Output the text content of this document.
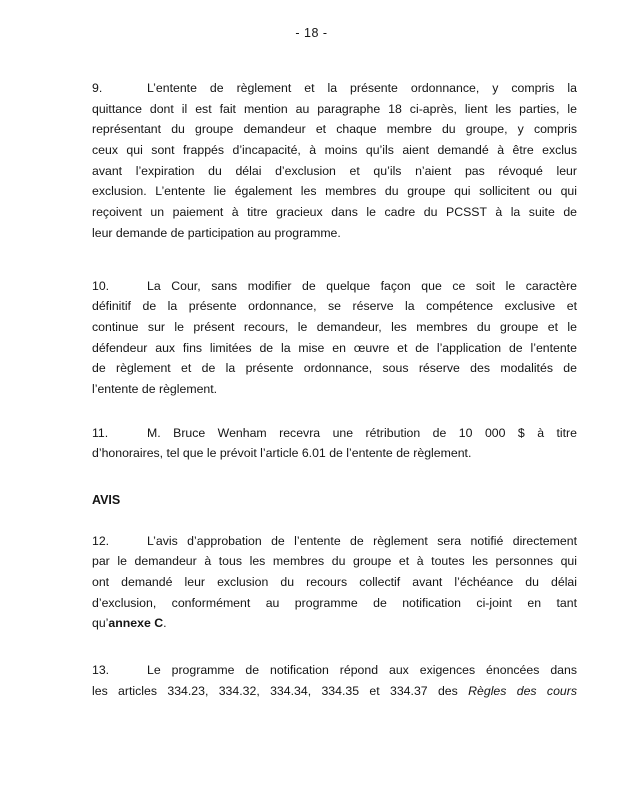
- 18 -
9.	L’entente de règlement et la présente ordonnance, y compris la
quittance dont il est fait mention au paragraphe 18 ci-après, lient les parties, le
représentant du groupe demandeur et chaque membre du groupe, y compris
ceux qui sont frappés d’incapacité, à moins qu’ils aient demandé à être exclus
avant l’expiration du délai d’exclusion et qu’ils n’aient pas révoqué leur
exclusion. L’entente lie également les membres du groupe qui sollicitent ou qui
reçoivent un paiement à titre gracieux dans le cadre du PCSST à la suite de
leur demande de participation au programme.
10.	La Cour, sans modifier de quelque façon que ce soit le caractère
définitif de la présente ordonnance, se réserve la compétence exclusive et
continue sur le présent recours, le demandeur, les membres du groupe et le
défendeur aux fins limitées de la mise en œuvre et de l’application de l’entente
de règlement et de la présente ordonnance, sous réserve des modalités de
l’entente de règlement.
11.	M. Bruce Wenham recevra une rétribution de 10 000 $ à titre
d’honoraires, tel que le prévoit l’article 6.01 de l’entente de règlement.
AVIS
12.	L’avis d’approbation de l’entente de règlement sera notifié directement
par le demandeur à tous les membres du groupe et à toutes les personnes qui
ont demandé leur exclusion du recours collectif avant l’échéance du délai
d’exclusion, conformément au programme de notification ci-joint en tant
qu’annexe C.
13.	Le programme de notification répond aux exigences énoncées dans
les articles 334.23, 334.32, 334.34, 334.35 et 334.37 des Règles des cours
